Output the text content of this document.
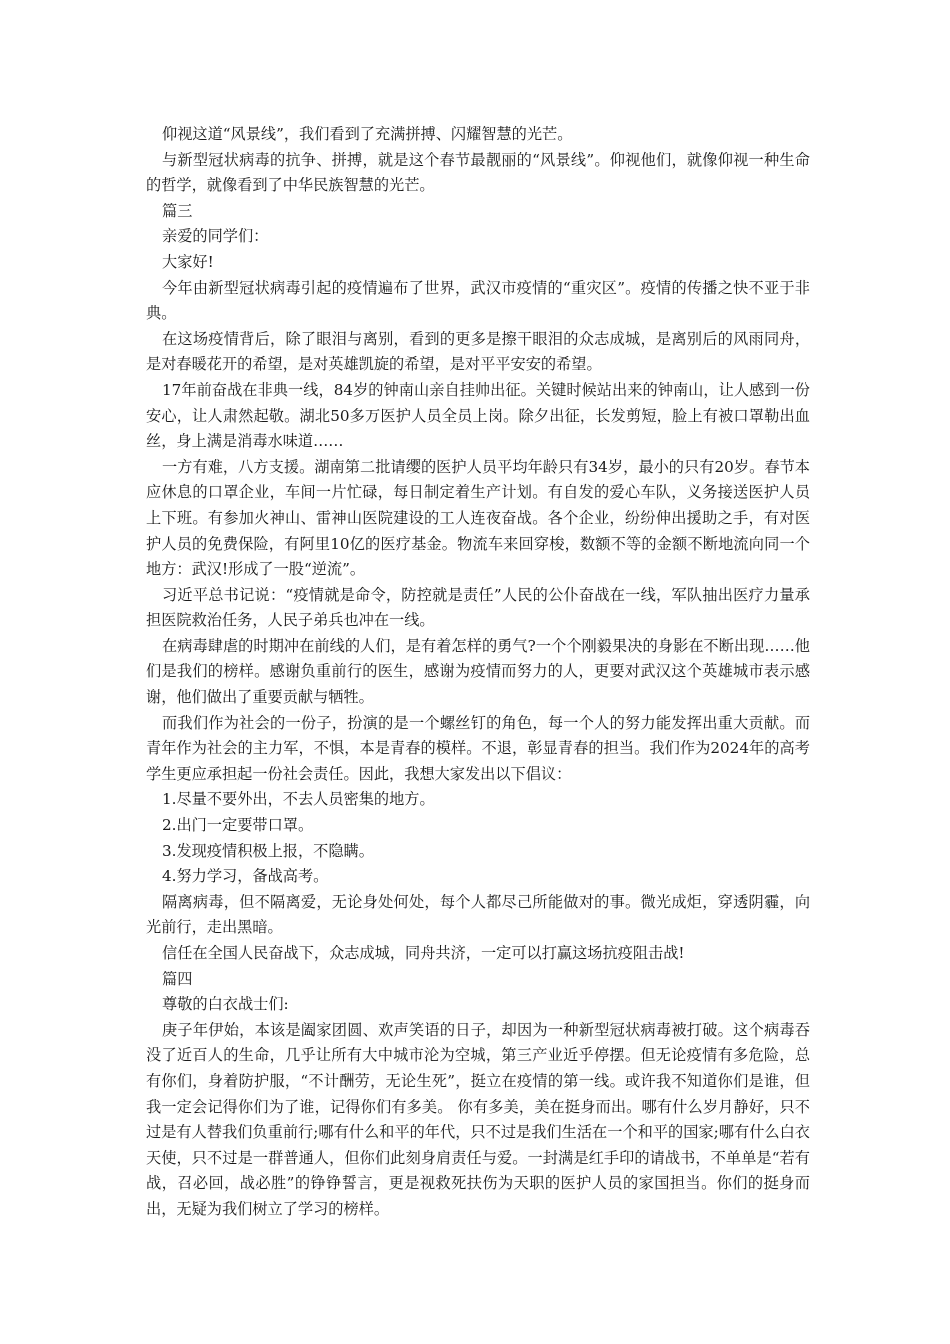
仰视这道“风景线”，我们看到了充满拼搏、闪耀智慧的光芒。

与新型冠状病毒的抗争、拼搏，就是这个春节最靓丽的“风景线”。仰视他们，就像仰视一种生命的哲学，就像看到了中华民族智慧的光芒。

篇三

亲爱的同学们：

大家好!

今年由新型冠状病毒引起的疫情遍布了世界，武汉市疫情的“重灾区”。疫情的传播之快不亚于非典。

在这场疫情背后，除了眼泪与离别，看到的更多是擦干眼泪的众志成城，是离别后的风雨同舟，是对春暖花开的希望，是对英雄凯旋的希望，是对平平安安的希望。

17年前奋战在非典一线，84岁的钟南山亲自挂帅出征。关键时候站出来的钟南山，让人感到一份安心，让人肃然起敬。湖北50多万医护人员全员上岗。除夕出征，长发剪短，脸上有被口罩勒出血丝，身上满是消毒水味道……

一方有难，八方支援。湖南第二批请缨的医护人员平均年龄只有34岁，最小的只有20岁。春节本应休息的口罩企业，车间一片忙碌，每日制定着生产计划。有自发的爱心车队，义务接送医护人员上下班。有参加火神山、雷神山医院建设的工人连夜奋战。各个企业，纷纷伸出援助之手，有对医护人员的免费保险，有阿里10亿的医疗基金。物流车来回穿梭，数额不等的金额不断地流向同一个地方：武汉!形成了一股“逆流”。

习近平总书记说：“疫情就是命令，防控就是责任”人民的公仆奋战在一线，军队抽出医疗力量承担医院救治任务，人民子弟兵也冲在一线。

在病毒肆虐的时期冲在前线的人们，是有着怎样的勇气?一个个刚毅果决的身影在不断出现……他们是我们的榜样。感谢负重前行的医生，感谢为疫情而努力的人，更要对武汉这个英雄城市表示感谢，他们做出了重要贡献与牺牲。

而我们作为社会的一份子，扮演的是一个螺丝钉的角色，每一个人的努力能发挥出重大贡献。而青年作为社会的主力军，不惧，本是青春的模样。不退，彰显青春的担当。我们作为2024年的高考学生更应承担起一份社会责任。因此，我想大家发出以下倡议：

1.尽量不要外出，不去人员密集的地方。

2.出门一定要带口罩。

3.发现疫情积极上报，不隐瞒。

4.努力学习，备战高考。

隔离病毒，但不隔离爱，无论身处何处，每个人都尽己所能做对的事。微光成炬，穿透阴霾，向光前行，走出黑暗。

信任在全国人民奋战下，众志成城，同舟共济，一定可以打赢这场抗疫阻击战!

篇四

尊敬的白衣战士们:

庚子年伊始，本该是阖家团圆、欢声笑语的日子，却因为一种新型冠状病毒被打破。这个病毒吞没了近百人的生命，几乎让所有大中城市沦为空城，第三产业近乎停摆。但无论疫情有多危险，总有你们，身着防护服，“不计酬劳，无论生死”，挺立在疫情的第一线。或许我不知道你们是谁，但我一定会记得你们为了谁，记得你们有多美。 你有多美，美在挺身而出。哪有什么岁月静好，只不过是有人替我们负重前行;哪有什么和平的年代，只不过是我们生活在一个和平的国家;哪有什么白衣天使，只不过是一群普通人，但你们此刻身肩责任与爱。一封满是红手印的请战书，不单单是“若有战，召必回，战必胜”的铮铮誓言，更是视救死扶伤为天职的医护人员的家国担当。你们的挺身而出，无疑为我们树立了学习的榜样。
